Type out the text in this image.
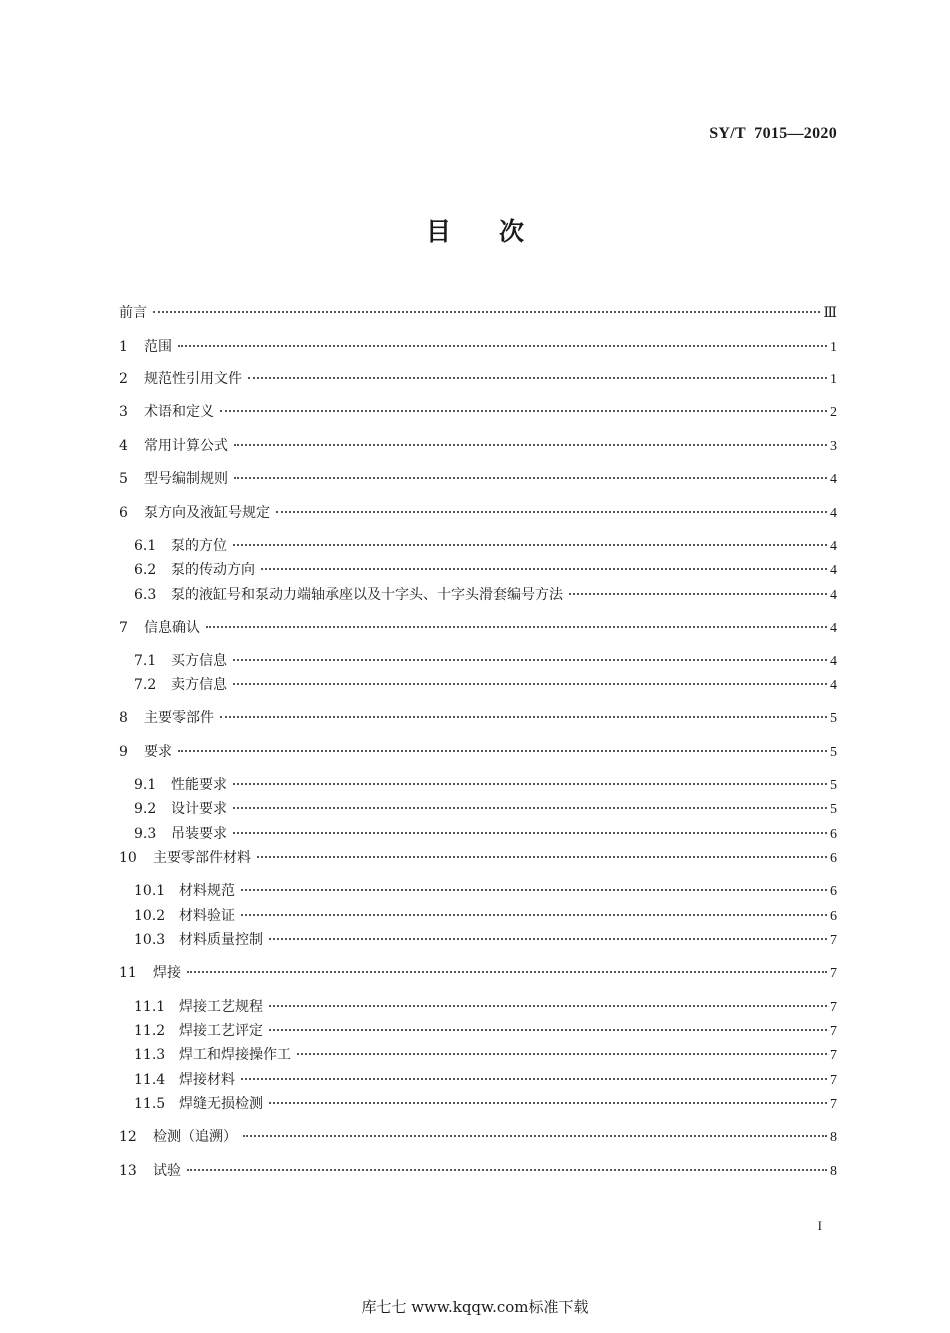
SY/T  7015—2020
目 次
前言	Ⅲ
1	范围	1
2	规范性引用文件	1
3	术语和定义	2
4	常用计算公式	3
5	型号编制规则	4
6	泵方向及液缸号规定	4
6.1	泵的方位	4
6.2	泵的传动方向	4
6.3	泵的液缸号和泵动力端轴承座以及十字头、十字头滑套编号方法	4
7	信息确认	4
7.1	买方信息	4
7.2	卖方信息	4
8	主要零部件	5
9	要求	5
9.1	性能要求	5
9.2	设计要求	5
9.3	吊装要求	6
10	主要零部件材料	6
10.1 材料规范	6
10.2 材料验证	6
10.3 材料质量控制	7
11	焊接	7
11.1 焊接工艺规程	7
11.2 焊接工艺评定	7
11.3 焊工和焊接操作工	7
11.4 焊接材料	7
11.5 焊缝无损检测	7
12	检测（追溯）	8
13	试验	8
I
库七七 www.kqqw.com标准下载
